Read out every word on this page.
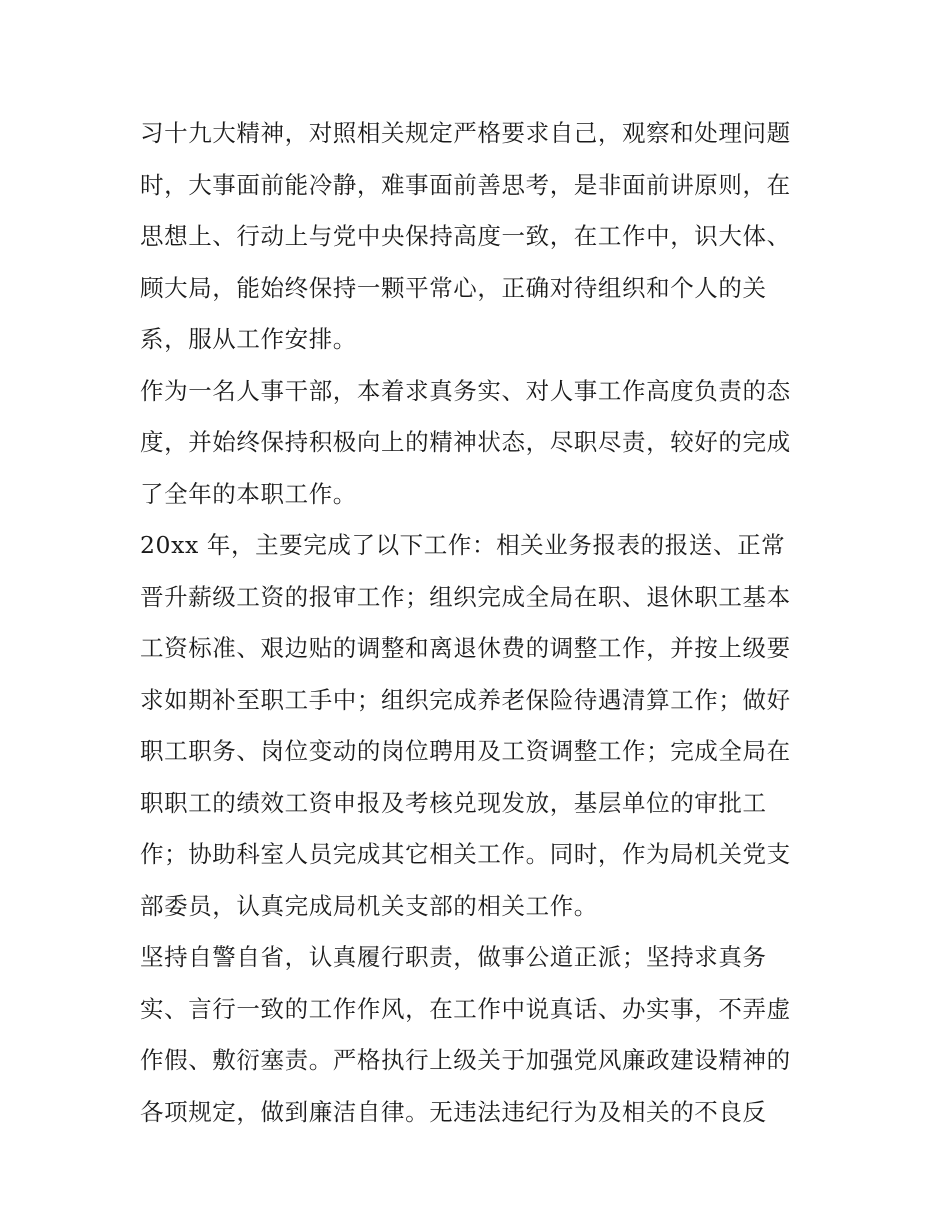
习十九大精神，对照相关规定严格要求自己，观察和处理问题
时，大事面前能冷静，难事面前善思考，是非面前讲原则，在
思想上、行动上与党中央保持高度一致，在工作中，识大体、
顾大局，能始终保持一颗平常心，正确对待组织和个人的关
系，服从工作安排。
作为一名人事干部，本着求真务实、对人事工作高度负责的态
度，并始终保持积极向上的精神状态，尽职尽责，较好的完成
了全年的本职工作。
20xx 年，主要完成了以下工作：相关业务报表的报送、正常
晋升薪级工资的报审工作；组织完成全局在职、退休职工基本
工资标准、艰边贴的调整和离退休费的调整工作，并按上级要
求如期补至职工手中；组织完成养老保险待遇清算工作；做好
职工职务、岗位变动的岗位聘用及工资调整工作；完成全局在
职职工的绩效工资申报及考核兑现发放，基层单位的审批工
作；协助科室人员完成其它相关工作。同时，作为局机关党支
部委员，认真完成局机关支部的相关工作。
坚持自警自省，认真履行职责，做事公道正派；坚持求真务
实、言行一致的工作作风，在工作中说真话、办实事，不弄虚
作假、敷衍塞责。严格执行上级关于加强党风廉政建设精神的
各项规定，做到廉洁自律。无违法违纪行为及相关的不良反
